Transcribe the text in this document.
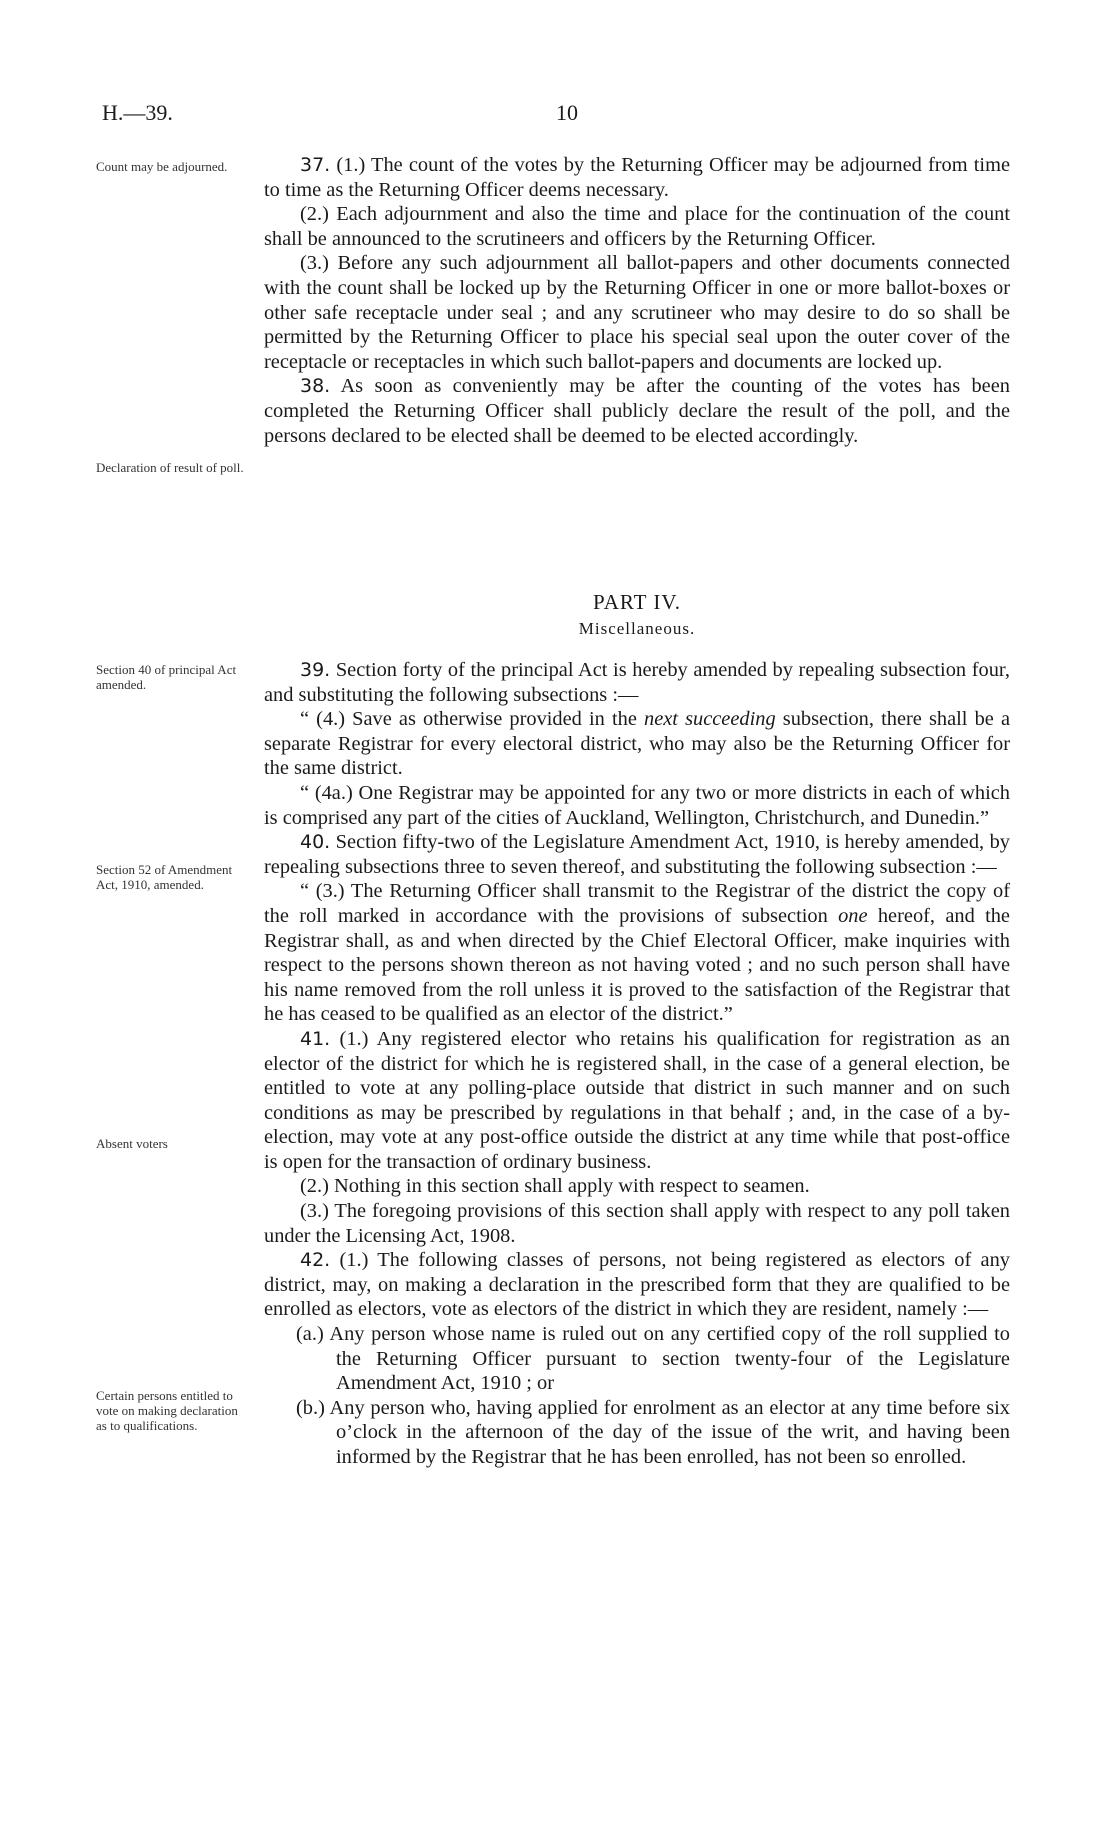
H.—39.	10
Count may be adjourned.
Declaration of result of poll.
Section 40 of principal Act amended.
Section 52 of Amendment Act, 1910, amended.
Absent voters
Certain persons entitled to vote on making declaration as to qualifications.

37. (1.) The count of the votes by the Returning Officer may be adjourned from time to time as the Returning Officer deems necessary.

(2.) Each adjournment and also the time and place for the continuation of the count shall be announced to the scrutineers and officers by the Returning Officer.

(3.) Before any such adjournment all ballot-papers and other documents connected with the count shall be locked up by the Returning Officer in one or more ballot-boxes or other safe receptacle under seal ; and any scrutineer who may desire to do so shall be permitted by the Returning Officer to place his special seal upon the outer cover of the receptacle or receptacles in which such ballot-papers and documents are locked up.

38. As soon as conveniently may be after the counting of the votes has been completed the Returning Officer shall publicly declare the result of the poll, and the persons declared to be elected shall be deemed to be elected accordingly.

PART IV.
Miscellaneous.

39. Section forty of the principal Act is hereby amended by repealing subsection four, and substituting the following subsections :—

“ (4.) Save as otherwise provided in the next succeeding subsection, there shall be a separate Registrar for every electoral district, who may also be the Returning Officer for the same district.

“ (4a.) One Registrar may be appointed for any two or more districts in each of which is comprised any part of the cities of Auckland, Wellington, Christchurch, and Dunedin.”

40. Section fifty-two of the Legislature Amendment Act, 1910, is hereby amended, by repealing subsections three to seven thereof, and substituting the following subsection :—

“ (3.) The Returning Officer shall transmit to the Registrar of the district the copy of the roll marked in accordance with the provisions of subsection one hereof, and the Registrar shall, as and when directed by the Chief Electoral Officer, make inquiries with respect to the persons shown thereon as not having voted ; and no such person shall have his name removed from the roll unless it is proved to the satisfaction of the Registrar that he has ceased to be qualified as an elector of the district.”

41. (1.) Any registered elector who retains his qualification for registration as an elector of the district for which he is registered shall, in the case of a general election, be entitled to vote at any polling-place outside that district in such manner and on such conditions as may be prescribed by regulations in that behalf ; and, in the case of a by-election, may vote at any post-office outside the district at any time while that post-office is open for the transaction of ordinary business.

(2.) Nothing in this section shall apply with respect to seamen.

(3.) The foregoing provisions of this section shall apply with respect to any poll taken under the Licensing Act, 1908.

42. (1.) The following classes of persons, not being registered as electors of any district, may, on making a declaration in the prescribed form that they are qualified to be enrolled as electors, vote as electors of the district in which they are resident, namely :—

(a.) Any person whose name is ruled out on any certified copy of the roll supplied to the Returning Officer pursuant to section twenty-four of the Legislature Amendment Act, 1910 ; or

(b.) Any person who, having applied for enrolment as an elector at any time before six o’clock in the afternoon of the day of the issue of the writ, and having been informed by the Registrar that he has been enrolled, has not been so enrolled.
